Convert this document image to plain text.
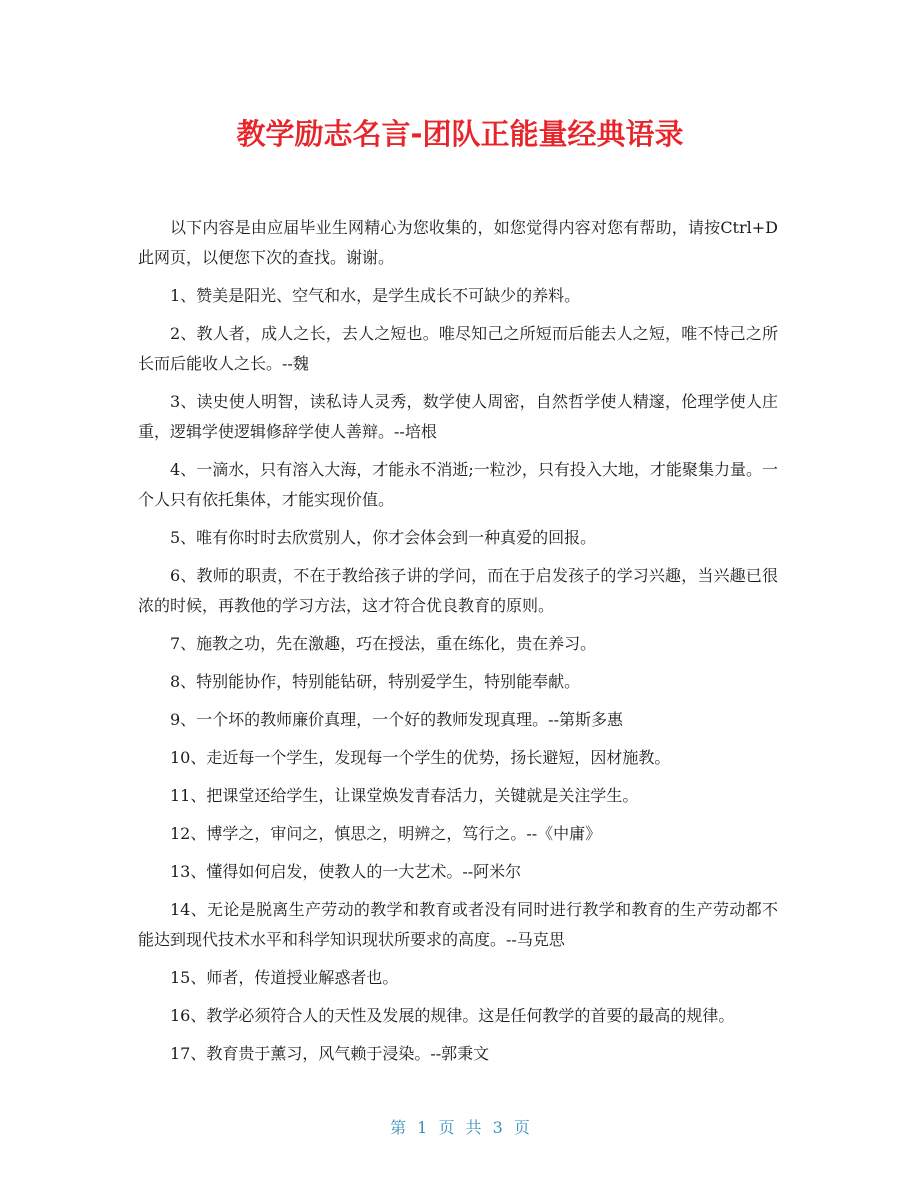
教学励志名言-团队正能量经典语录

以下内容是由应届毕业生网精心为您收集的，如您觉得内容对您有帮助，请按Ctrl+D此网页，以便您下次的查找。谢谢。

1、赞美是阳光、空气和水，是学生成长不可缺少的养料。

2、教人者，成人之长，去人之短也。唯尽知己之所短而后能去人之短，唯不恃己之所长而后能收人之长。--魏

3、读史使人明智，读私诗人灵秀，数学使人周密，自然哲学使人精邃，伦理学使人庄重，逻辑学使逻辑修辞学使人善辩。--培根

4、一滴水，只有溶入大海，才能永不消逝;一粒沙，只有投入大地，才能聚集力量。一个人只有依托集体，才能实现价值。

5、唯有你时时去欣赏别人，你才会体会到一种真爱的回报。

6、教师的职责，不在于教给孩子讲的学问，而在于启发孩子的学习兴趣，当兴趣已很浓的时候，再教他的学习方法，这才符合优良教育的原则。

7、施教之功，先在激趣，巧在授法，重在练化，贵在养习。

8、特别能协作，特别能钻研，特别爱学生，特别能奉献。

9、一个坏的教师廉价真理，一个好的教师发现真理。--第斯多惠

10、走近每一个学生，发现每一个学生的优势，扬长避短，因材施教。

11、把课堂还给学生，让课堂焕发青春活力，关键就是关注学生。

12、博学之，审问之，慎思之，明辨之，笃行之。--《中庸》

13、懂得如何启发，使教人的一大艺术。--阿米尔

14、无论是脱离生产劳动的教学和教育或者没有同时进行教学和教育的生产劳动都不能达到现代技术水平和科学知识现状所要求的高度。--马克思

15、师者，传道授业解惑者也。

16、教学必须符合人的天性及发展的规律。这是任何教学的首要的最高的规律。

17、教育贵于薰习，风气赖于浸染。--郭秉文

第 1 页 共 3 页
